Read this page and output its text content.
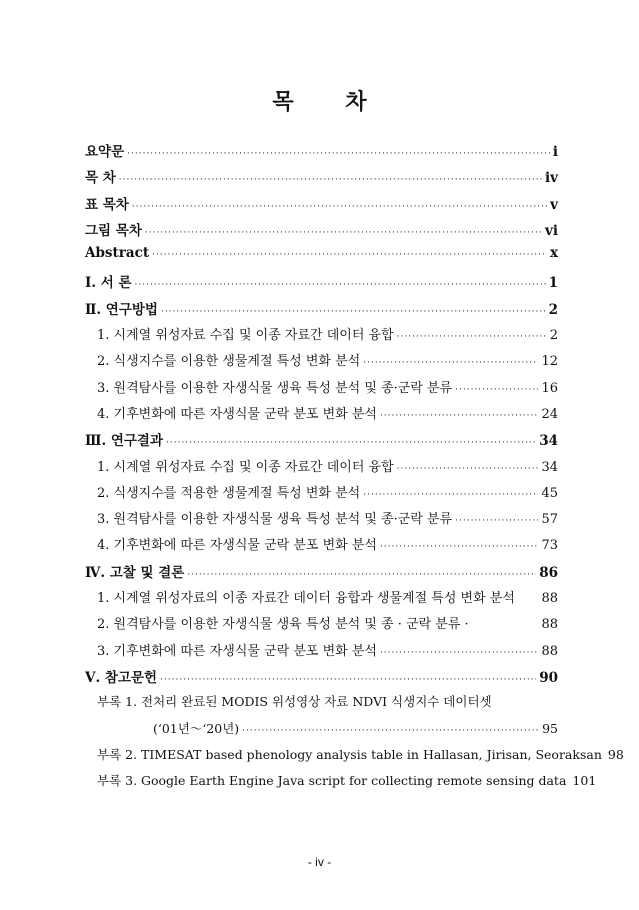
목 차
요약문 ·····	i
목 차 ·····	iv
표 목차 ·····	v
그림 목차 ·····	vi
Abstract ·····	x
Ⅰ. 서 론 ·····	1
Ⅱ. 연구방법 ·····	2
1. 시계열 위성자료 수집 및 이종 자료간 데이터 융합 ·····	2
2. 식생지수를 이용한 생물계절 특성 변화 분석 ·····	12
3. 원격탐사를 이용한 자생식물 생육 특성 분석 및 종·군락 분류 ·····	16
4. 기후변화에 따른 자생식물 군락 분포 변화 분석 ·····	24
Ⅲ. 연구결과 ·····	34
1. 시계열 위성자료 수집 및 이종 자료간 데이터 융합 ·····	34
2. 식생지수를 적용한 생물계절 특성 변화 분석 ·····	45
3. 원격탐사를 이용한 자생식물 생육 특성 분석 및 종·군락 분류 ·····	57
4. 기후변화에 따른 자생식물 군락 분포 변화 분석 ·····	73
Ⅳ. 고찰 및 결론 ·····	86
1. 시계열 위성자료의 이종 자료간 데이터 융합과 생물계절 특성 변화 분석 88
2. 원격탐사를 이용한 자생식물 생육 특성 분석 및 종 · 군락 분류 ·	88
3. 기후변화에 따른 자생식물 군락 분포 변화 분석 ·····	88
Ⅴ. 참고문헌 ·····	90
부록 1. 전처리 완료된 MODIS 위성영상 자료 NDVI 식생지수 데이터셋
(‘01년～‘20년) ·····	95
부록 2. TIMESAT based phenology analysis table in Hallasan, Jirisan, Seoraksan 98
부록 3. Google Earth Engine Java script for collecting remote sensing data 101
- iv -
